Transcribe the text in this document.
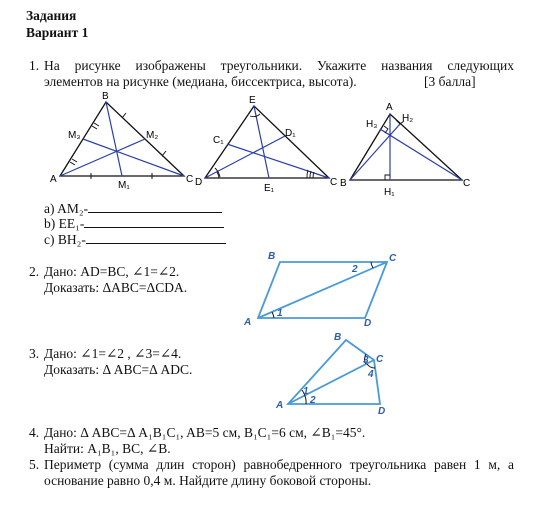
Задания
Вариант 1
1. На рисунке изображены треугольники. Укажите названия следующих
элементов на рисунке (медиана, биссектриса, высота).	[3 балла]
B
A	C
M₁
M₂
M₃
E
D	C
C₁
D₁
E₁
A
B	C
H₁
H₂
H₃
a) AM₂-
b) EE₁-
c) BH₂-
2. Дано: AD=BC, ∠1=∠2.
Доказать: ΔABC=ΔCDA.
B	C
A	D
1
2
3. Дано: ∠1=∠2 , ∠3=∠4.
Доказать: Δ ABC=Δ ADC.
B
C
A
D
1
2
3
4
4. Дано: Δ ABC=Δ A₁B₁C₁, AB=5 см, B₁C₁=6 см, ∠B₁=45°.
Найти: A₁B₁, BC, ∠B.
5. Периметр (сумма длин сторон) равнобедренного треугольника равен 1 м, а
основание равно 0,4 м. Найдите длину боковой стороны.
